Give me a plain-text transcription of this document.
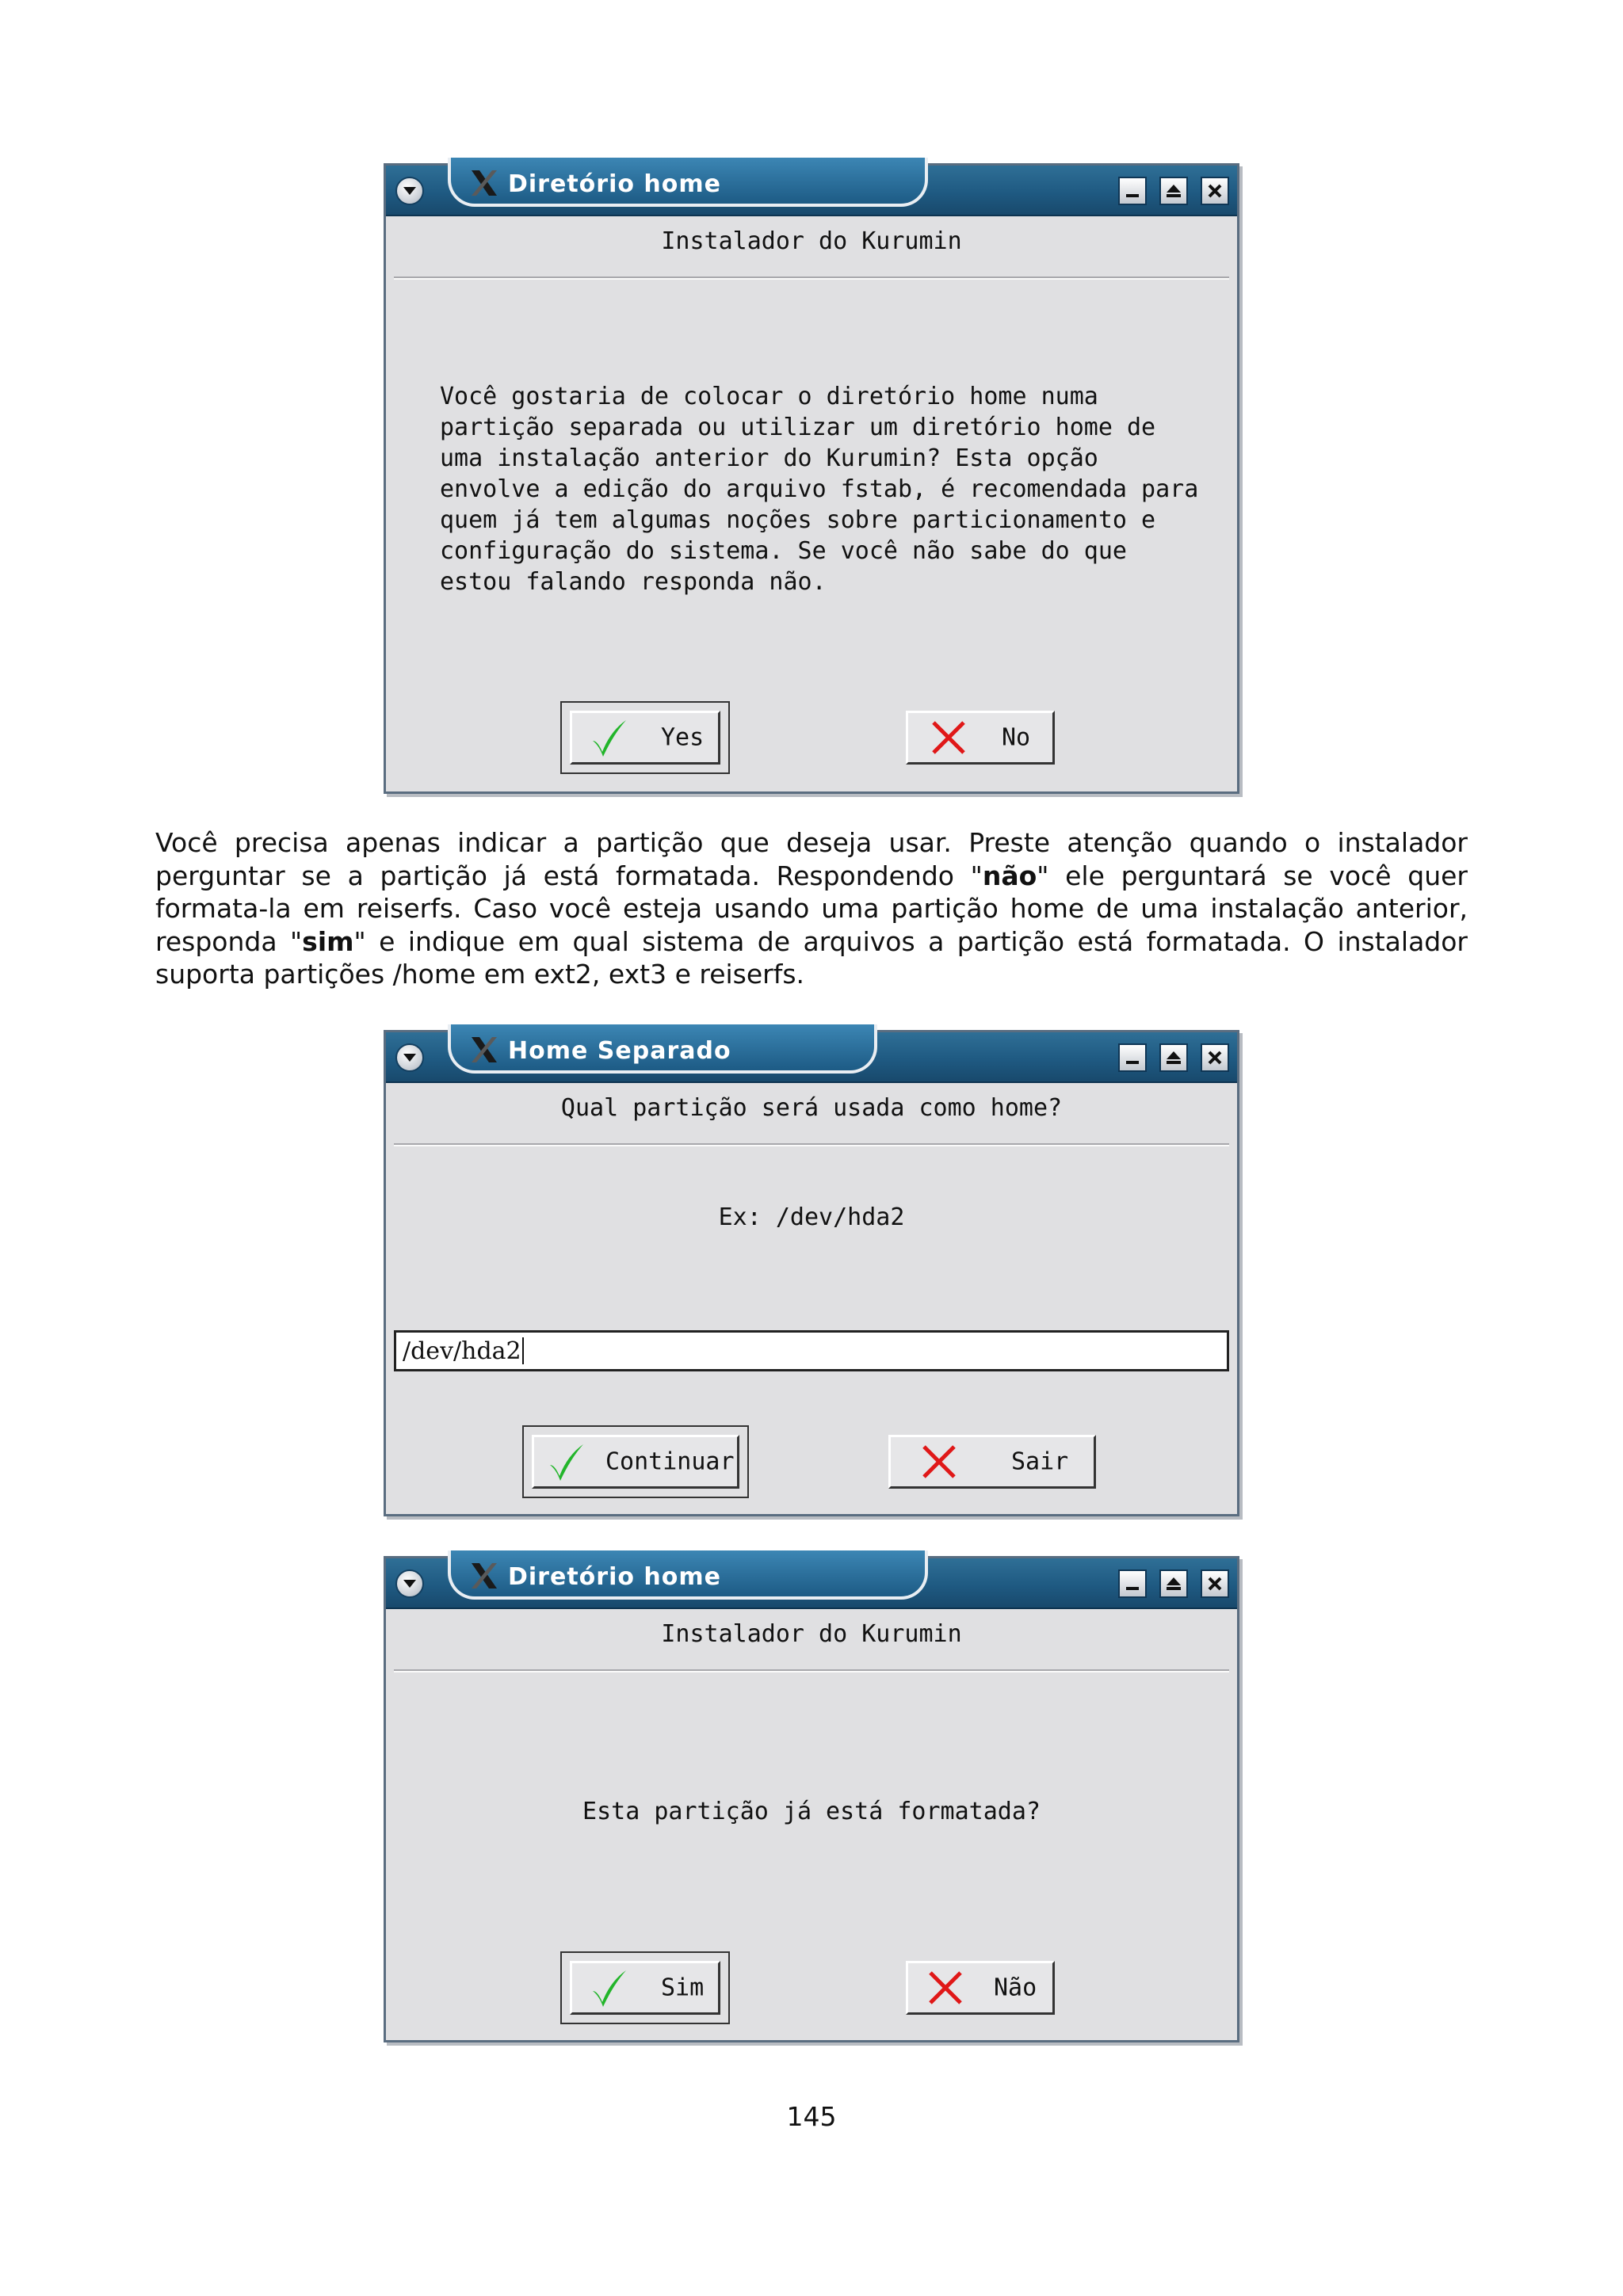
Diretório home
Instalador do Kurumin
Você gostaria de colocar o diretório home numa
partição separada ou utilizar um diretório home de
uma instalação anterior do Kurumin? Esta opção
envolve a edição do arquivo fstab, é recomendada para
quem já tem algumas noções sobre particionamento e
configuração do sistema. Se você não sabe do que
estou falando responda não.
Yes	No
Você precisa apenas indicar a partição que deseja usar. Preste atenção quando o instalador perguntar se a partição já está formatada. Respondendo "não" ele perguntará se você quer formata-la em reiserfs. Caso você esteja usando uma partição home de uma instalação anterior, responda "sim" e indique em qual sistema de arquivos a partição está formatada. O instalador suporta partições /home em ext2, ext3 e reiserfs.
Home Separado
Qual partição será usada como home?
Ex: /dev/hda2
/dev/hda2
Continuar	Sair
Diretório home
Instalador do Kurumin
Esta partição já está formatada?
Sim	Não
145
